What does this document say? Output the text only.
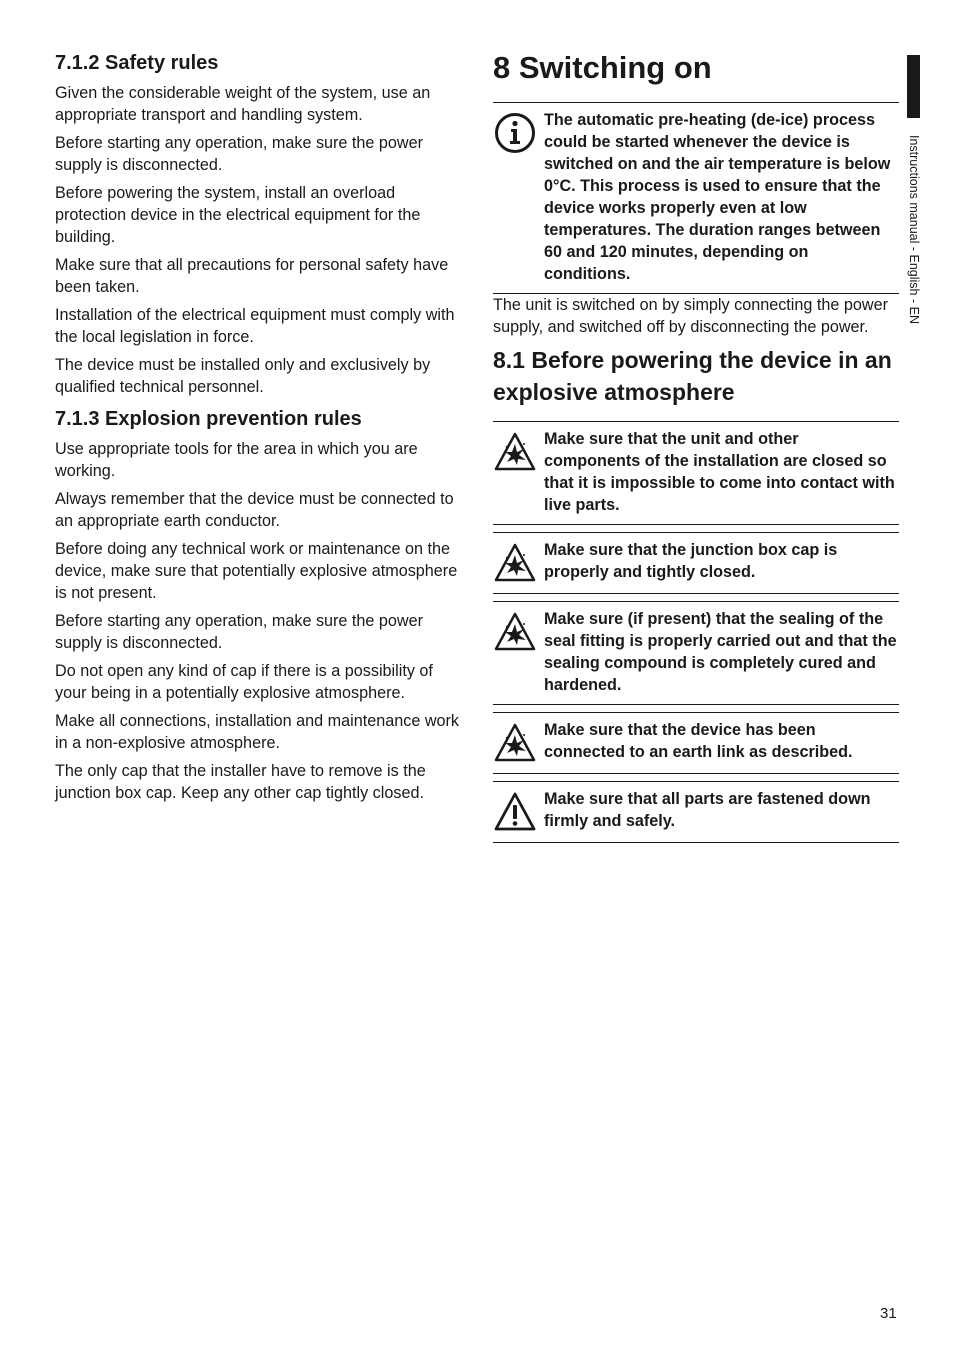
7.1.2 Safety rules

Given the considerable weight of the system, use an appropriate transport and handling system.

Before starting any operation, make sure the power supply is disconnected.

Before powering the system, install an overload protection device in the electrical equipment for the building.

Make sure that all precautions for personal safety have been taken.

Installation of the electrical equipment must comply with the local legislation in force.

The device must be installed only and exclusively by qualified technical personnel.

7.1.3 Explosion prevention rules

Use appropriate tools for the area in which you are working.

Always remember that the device must be connected to an appropriate earth conductor.

Before doing any technical work or maintenance on the device, make sure that potentially explosive atmosphere is not present.

Before starting any operation, make sure the power supply is disconnected.

Do not open any kind of cap if there is a possibility of your being in a potentially explosive atmosphere.

Make all connections, installation and maintenance work in a non-explosive atmosphere.

The only cap that the installer have to remove is the junction box cap. Keep any other cap tightly closed.

8 Switching on
The automatic pre-heating (de-ice) process could be started whenever the device is switched on and the air temperature is below 0°C. This process is used to ensure that the device works properly even at low temperatures. The duration ranges between 60 and 120 minutes, depending on conditions.

The unit is switched on by simply connecting the power supply, and switched off by disconnecting the power.

8.1 Before powering the device in an explosive atmosphere
Make sure that the unit and other components of the installation are closed so that it is impossible to come into contact with live parts.
Make sure that the junction box cap is properly and tightly closed.
Make sure (if present) that the sealing of the seal fitting is properly carried out and that the sealing compound is completely cured and hardened.
Make sure that the device has been connected to an earth link as described.
Make sure that all parts are fastened down firmly and safely.
Instructions manual - English - EN
31
